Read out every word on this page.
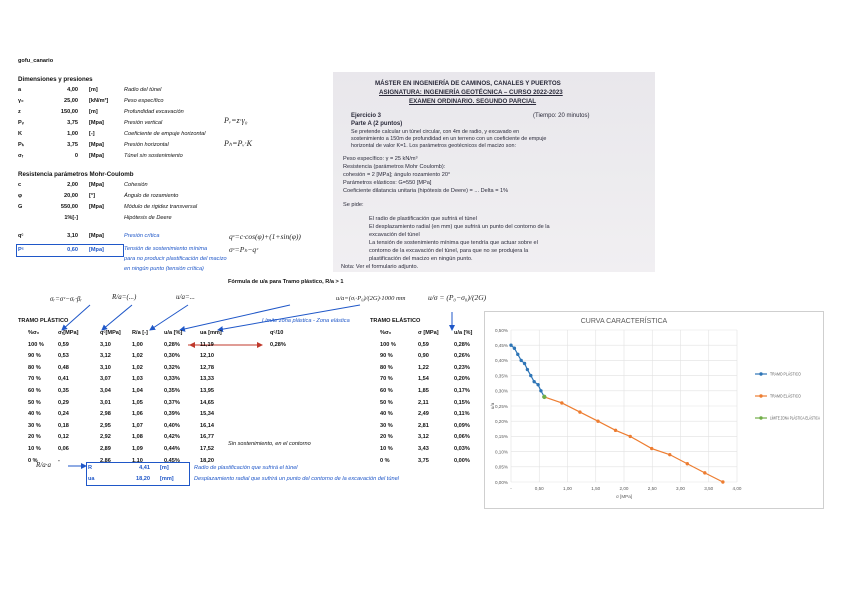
gofu_canario
Dimensiones y presiones
a	4,00 [m]	Radio del túnel
γ₀	25,00 [kN/m³]	Peso específico
z	150,00 [m]	Profundidad excavación
Pᵥ	3,75 [Mpa]	Presión vertical
K	1,00 [-]	Coeficiente de empuje horizontal
Pₕ	3,75 [Mpa]	Presión horizontal
σᵣ	0 [Mpa]	Túnel sin sostenimiento
Pᵥ=z·γ₀
Pₕ=Pᵥ·K
Resistencia parámetros Mohr-Coulomb
c	2,00 [Mpa]	Cohesión
φ	20,00 [°]	Ángulo de rozamiento
G	550,00 [Mpa]	Módulo de rigidez transversal
1%[-]	Hipótesis de Deere
qᶜ	3,10 [Mpa]	Presión crítica
Pᶜ	0,60 [Mpa]	Tensión de sostenimiento mínima
para no producir plastificación del macizo
en ningún punto (tensión crítica)
qᶜ=c·cos(φ)+(1+sin(φ))
σᶜ=Pₕ−qᶜ
Fórmula de u/a para Tramo plástico, R/a > 1
σᵣ=σᶜ−σᵣ·βᵣ	R/a=(...)	u/a=...	u/a=(σᵣ·P₀)/(2G)·1000 mm	u/σ = (P₀−σ₀)/(2G)
TRAMO PLÁSTICO	Límite zona plástica - Zona elástica
%σ₀	σᵣ[MPa]	qᶜ[MPa] R/a [-]	u/a [%]	ua [mm]	qᶜ/10
100 %	0,59	3,10	1,00	0,28%	11,19	0,28%
90 %	0,53	3,12	1,02	0,30%	12,10
80 %	0,48	3,10	1,02	0,32%	12,78
70 %	0,41	3,07	1,03	0,33%	13,33
60 %	0,35	3,04	1,04	0,35%	13,95
50 %	0,29	3,01	1,05	0,37%	14,65
40 %	0,24	2,98	1,06	0,39%	15,34
30 %	0,18	2,95	1,07	0,40%	16,14
20 %	0,12	2,92	1,08	0,42%	16,77
10 %	0,06	2,89	1,09	0,44%	17,52
0 %	-	2,86	1,10	0,45%	18,20
Sin sostenimiento, en el contorno
TRAMO ELÁSTICO
%σ₀	σ [MPa]	u/a [%]
100 %	0,59	0,28%
90 %	0,90	0,26%
80 %	1,22	0,23%
70 %	1,54	0,20%
60 %	1,85	0,17%
50 %	2,11	0,15%
40 %	2,49	0,11%
30 %	2,81	0,09%
20 %	3,12	0,06%
10 %	3,43	0,03%
0 %	3,75	0,00%
R/a·a	R	4,41 [m]	Radio de plastificación que sufrirá el túnel
ua	18,20 [mm]	Desplazamiento radial que sufrirá un punto del contorno de la excavación del túnel
MÁSTER EN INGENIERÍA DE CAMINOS, CANALES Y PUERTOS
ASIGNATURA: INGENIERÍA GEOTÉCNICA – CURSO 2022-2023
EXAMEN ORDINARIO. SEGUNDO PARCIAL
Ejercicio 3	(Tiempo: 20 minutos)
Parte A (2 puntos)
Se pretende calcular un túnel circular, con 4m de radio, y excavado en
sostenimiento a 150m de profundidad en un terreno con un coeficiente de empuje
horizontal de valor K=1. Los parámetros geotécnicos del macizo son:
Peso específico: γ = 25 kN/m³
Resistencia (parámetros Mohr Coulomb):
cohesión = 2 [MPa]; ángulo rozamiento 20°
Parámetros elásticos: G=550 [MPa]
Coeficiente dilatancia unitaria (hipótesis de Deere) = ... Delta = 1%
Se pide:
El radio de plastificación que sufrirá el túnel
El desplazamiento radial (en mm) que sufrirá un punto del contorno de la
excavación del túnel
La tensión de sostenimiento mínima que tendría que actuar sobre el
contorno de la excavación del túnel, para que no se produjera la
plastificación del macizo en ningún punto.
Nota: Ver el formulario adjunto.
CURVA CARACTERÍSTICA
0,00%
0,05%
0,10%
0,15%
0,20%
0,25%
0,30%
0,35%
0,40%
0,45%
0,50%
-	0,50	1,00	1,50	2,00	2,50	3,00	3,50	4,00
σ [MPa]
u/a
TRAMO PLÁSTICO
TRAMO ELÁSTICO
LÍMITE ZONA PLÁSTICA-ELÁSTICA
